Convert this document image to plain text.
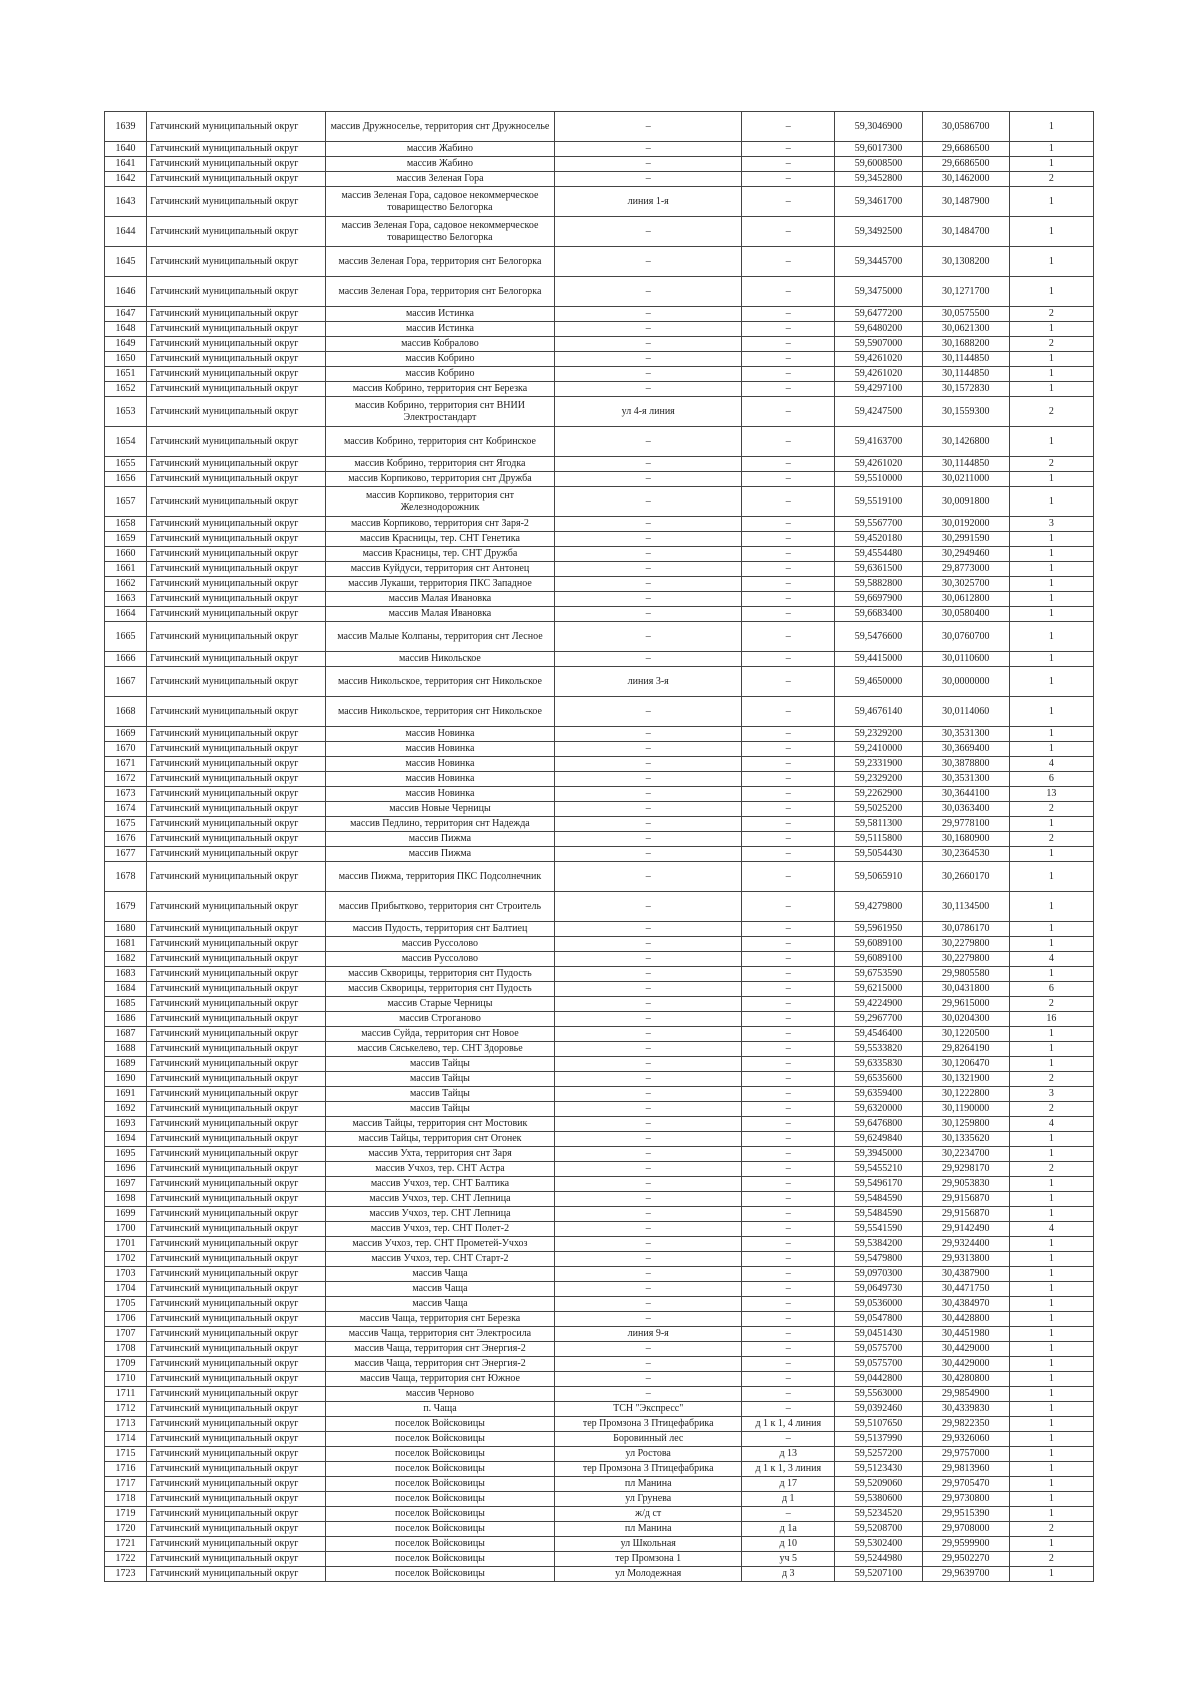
1639	Гатчинский муниципальный округ	массив Дружноселье, территория снт Дружноселье	–	–	59,3046900	30,0586700	1
1640	Гатчинский муниципальный округ	массив Жабино	–	–	59,6017300	29,6686500	1
1641	Гатчинский муниципальный округ	массив Жабино	–	–	59,6008500	29,6686500	1
1642	Гатчинский муниципальный округ	массив Зеленая Гора	–	–	59,3452800	30,1462000	2
1643	Гатчинский муниципальный округ	массив Зеленая Гора, садовое некоммерческое товарищество Белогорка	линия 1-я	–	59,3461700	30,1487900	1
1644	Гатчинский муниципальный округ	массив Зеленая Гора, садовое некоммерческое товарищество Белогорка	–	–	59,3492500	30,1484700	1
1645	Гатчинский муниципальный округ	массив Зеленая Гора, территория снт Белогорка	–	–	59,3445700	30,1308200	1
1646	Гатчинский муниципальный округ	массив Зеленая Гора, территория снт Белогорка	–	–	59,3475000	30,1271700	1
1647	Гатчинский муниципальный округ	массив Истинка	–	–	59,6477200	30,0575500	2
1648	Гатчинский муниципальный округ	массив Истинка	–	–	59,6480200	30,0621300	1
1649	Гатчинский муниципальный округ	массив Кобралово	–	–	59,5907000	30,1688200	2
1650	Гатчинский муниципальный округ	массив Кобрино	–	–	59,4261020	30,1144850	1
1651	Гатчинский муниципальный округ	массив Кобрино	–	–	59,4261020	30,1144850	1
1652	Гатчинский муниципальный округ	массив Кобрино, территория снт Березка	–	–	59,4297100	30,1572830	1
1653	Гатчинский муниципальный округ	массив Кобрино, территория снт ВНИИ Электростандарт	ул 4-я линия	–	59,4247500	30,1559300	2
1654	Гатчинский муниципальный округ	массив Кобрино, территория снт Кобринское	–	–	59,4163700	30,1426800	1
1655	Гатчинский муниципальный округ	массив Кобрино, территория снт Ягодка	–	–	59,4261020	30,1144850	2
1656	Гатчинский муниципальный округ	массив Корпиково, территория снт Дружба	–	–	59,5510000	30,0211000	1
1657	Гатчинский муниципальный округ	массив Корпиково, территория снт Железнодорожник	–	–	59,5519100	30,0091800	1
1658	Гатчинский муниципальный округ	массив Корпиково, территория снт Заря-2	–	–	59,5567700	30,0192000	3
1659	Гатчинский муниципальный округ	массив Красницы, тер. СНТ Генетика	–	–	59,4520180	30,2991590	1
1660	Гатчинский муниципальный округ	массив Красницы, тер. СНТ Дружба	–	–	59,4554480	30,2949460	1
1661	Гатчинский муниципальный округ	массив Кyйдуси, территория снт Антонец	–	–	59,6361500	29,8773000	1
1662	Гатчинский муниципальный округ	массив Лукаши, территория ПКС Западное	–	–	59,5882800	30,3025700	1
1663	Гатчинский муниципальный округ	массив Малая Ивановка	–	–	59,6697900	30,0612800	1
1664	Гатчинский муниципальный округ	массив Малая Ивановка	–	–	59,6683400	30,0580400	1
1665	Гатчинский муниципальный округ	массив Малые Колпаны, территория снт Лесное	–	–	59,5476600	30,0760700	1
1666	Гатчинский муниципальный округ	массив Никольское	–	–	59,4415000	30,0110600	1
1667	Гатчинский муниципальный округ	массив Никольское, территория снт Никольское	линия 3-я	–	59,4650000	30,0000000	1
1668	Гатчинский муниципальный округ	массив Никольское, территория снт Никольское	–	–	59,4676140	30,0114060	1
1669	Гатчинский муниципальный округ	массив Новинка	–	–	59,2329200	30,3531300	1
1670	Гатчинский муниципальный округ	массив Новинка	–	–	59,2410000	30,3669400	1
1671	Гатчинский муниципальный округ	массив Новинка	–	–	59,2331900	30,3878800	4
1672	Гатчинский муниципальный округ	массив Новинка	–	–	59,2329200	30,3531300	6
1673	Гатчинский муниципальный округ	массив Новинка	–	–	59,2262900	30,3644100	13
1674	Гатчинский муниципальный округ	массив Новые Черницы	–	–	59,5025200	30,0363400	2
1675	Гатчинский муниципальный округ	массив Педлино, территория снт Надежда	–	–	59,5811300	29,9778100	1
1676	Гатчинский муниципальный округ	массив Пижма	–	–	59,5115800	30,1680900	2
1677	Гатчинский муниципальный округ	массив Пижма	–	–	59,5054430	30,2364530	1
1678	Гатчинский муниципальный округ	массив Пижма, территория ПКС Подсолнечник	–	–	59,5065910	30,2660170	1
1679	Гатчинский муниципальный округ	массив Прибытково, территория снт Строитель	–	–	59,4279800	30,1134500	1
1680	Гатчинский муниципальный округ	массив Пудость, территория снт Балтиец	–	–	59,5961950	30,0786170	1
1681	Гатчинский муниципальный округ	массив Руссолово	–	–	59,6089100	30,2279800	1
1682	Гатчинский муниципальный округ	массив Руссолово	–	–	59,6089100	30,2279800	4
1683	Гатчинский муниципальный округ	массив Скворицы, территория снт Пудость	–	–	59,6753590	29,9805580	1
1684	Гатчинский муниципальный округ	массив Скворицы, территория снт Пудость	–	–	59,6215000	30,0431800	6
1685	Гатчинский муниципальный округ	массив Старые Черницы	–	–	59,4224900	29,9615000	2
1686	Гатчинский муниципальный округ	массив Строганово	–	–	59,2967700	30,0204300	16
1687	Гатчинский муниципальный округ	массив Суйда, территория снт Новое	–	–	59,4546400	30,1220500	1
1688	Гатчинский муниципальный округ	массив Сяськелево, тер. СНТ Здоровье	–	–	59,5533820	29,8264190	1
1689	Гатчинский муниципальный округ	массив Тайцы	–	–	59,6335830	30,1206470	1
1690	Гатчинский муниципальный округ	массив Тайцы	–	–	59,6535600	30,1321900	2
1691	Гатчинский муниципальный округ	массив Тайцы	–	–	59,6359400	30,1222800	3
1692	Гатчинский муниципальный округ	массив Тайцы	–	–	59,6320000	30,1190000	2
1693	Гатчинский муниципальный округ	массив Тайцы, территория снт Мостовик	–	–	59,6476800	30,1259800	4
1694	Гатчинский муниципальный округ	массив Тайцы, территория снт Огонек	–	–	59,6249840	30,1335620	1
1695	Гатчинский муниципальный округ	массив Ухта, территория снт Заря	–	–	59,3945000	30,2234700	1
1696	Гатчинский муниципальный округ	массив Учхоз, тер. СНТ Астра	–	–	59,5455210	29,9298170	2
1697	Гатчинский муниципальный округ	массив Учхоз, тер. СНТ Балтика	–	–	59,5496170	29,9053830	1
1698	Гатчинский муниципальный округ	массив Учхоз, тер. СНТ Лепница	–	–	59,5484590	29,9156870	1
1699	Гатчинский муниципальный округ	массив Учхоз, тер. СНТ Лепница	–	–	59,5484590	29,9156870	1
1700	Гатчинский муниципальный округ	массив Учхоз, тер. СНТ Полет-2	–	–	59,5541590	29,9142490	4
1701	Гатчинский муниципальный округ	массив Учхоз, тер. СНТ Прометей-Учхоз	–	–	59,5384200	29,9324400	1
1702	Гатчинский муниципальный округ	массив Учхоз, тер. СНТ Старт-2	–	–	59,5479800	29,9313800	1
1703	Гатчинский муниципальный округ	массив Чаща	–	–	59,0970300	30,4387900	1
1704	Гатчинский муниципальный округ	массив Чаща	–	–	59,0649730	30,4471750	1
1705	Гатчинский муниципальный округ	массив Чаща	–	–	59,0536000	30,4384970	1
1706	Гатчинский муниципальный округ	массив Чаща, территория снт Березка	–	–	59,0547800	30,4428800	1
1707	Гатчинский муниципальный округ	массив Чаща, территория снт Электросила	линия 9-я	–	59,0451430	30,4451980	1
1708	Гатчинский муниципальный округ	массив Чаща, территория снт Энергия-2	–	–	59,0575700	30,4429000	1
1709	Гатчинский муниципальный округ	массив Чаща, территория снт Энергия-2	–	–	59,0575700	30,4429000	1
1710	Гатчинский муниципальный округ	массив Чаща, территория снт Южное	–	–	59,0442800	30,4280800	1
1711	Гатчинский муниципальный округ	массив Черново	–	–	59,5563000	29,9854900	1
1712	Гатчинский муниципальный округ	п. Чаща	ТСН "Экспресс"	–	59,0392460	30,4339830	1
1713	Гатчинский муниципальный округ	поселок Войсковицы	тер Промзона 3 Птицефабрика	д 1 к 1, 4 линия	59,5107650	29,9822350	1
1714	Гатчинский муниципальный округ	поселок Войсковицы	Боровинный лес	–	59,5137990	29,9326060	1
1715	Гатчинский муниципальный округ	поселок Войсковицы	ул Ростова	д 13	59,5257200	29,9757000	1
1716	Гатчинский муниципальный округ	поселок Войсковицы	тер Промзона 3 Птицефабрика	д 1 к 1, 3 линия	59,5123430	29,9813960	1
1717	Гатчинский муниципальный округ	поселок Войсковицы	пл Манина	д 17	59,5209060	29,9705470	1
1718	Гатчинский муниципальный округ	поселок Войсковицы	ул Грунева	д 1	59,5380600	29,9730800	1
1719	Гатчинский муниципальный округ	поселок Войсковицы	ж/д ст	–	59,5234520	29,9515390	1
1720	Гатчинский муниципальный округ	поселок Войсковицы	пл Манина	д 1а	59,5208700	29,9708000	2
1721	Гатчинский муниципальный округ	поселок Войсковицы	ул Школьная	д 10	59,5302400	29,9599900	1
1722	Гатчинский муниципальный округ	поселок Войсковицы	тер Промзона 1	уч 5	59,5244980	29,9502270	2
1723	Гатчинский муниципальный округ	поселок Войсковицы	ул Молодежная	д 3	59,5207100	29,9639700	1
